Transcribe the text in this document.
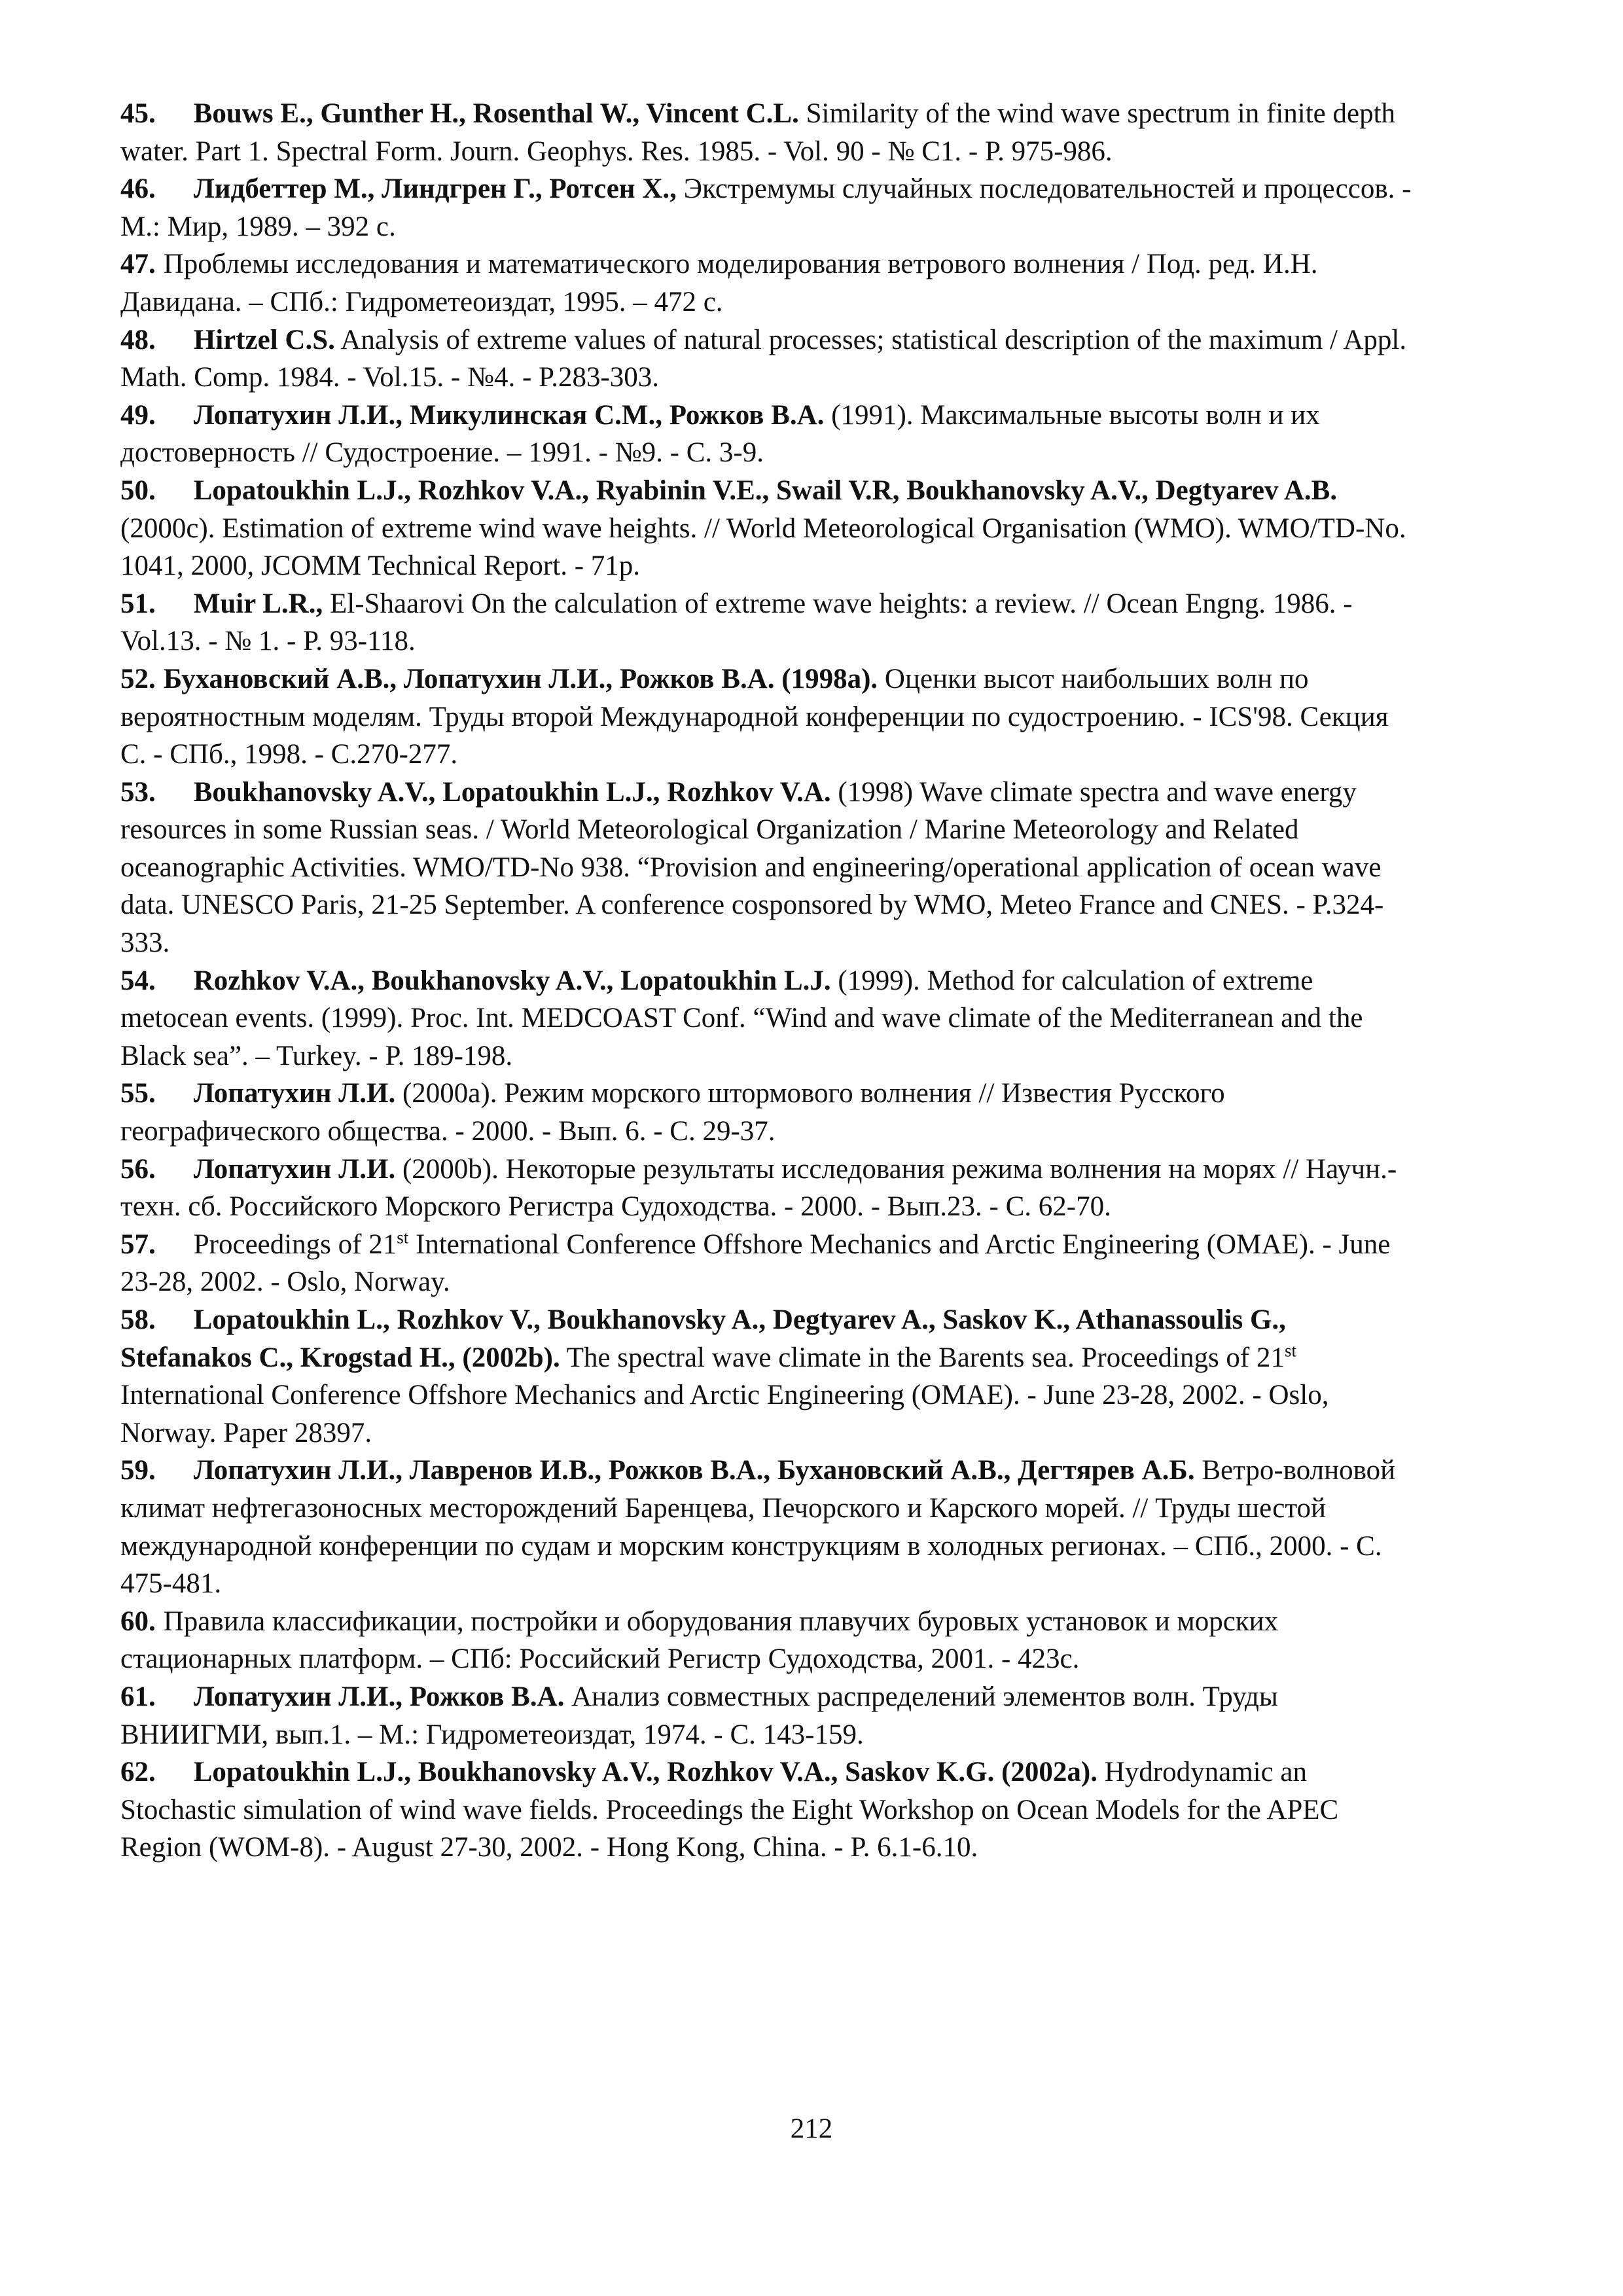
45. Bouws E., Gunther H., Rosenthal W., Vincent C.L. Similarity of the wind wave spectrum in finite depth water. Part 1. Spectral Form. Journ. Geophys. Res. 1985. - Vol. 90 - № C1. - P. 975-986.

46. Лидбеттер М., Линдгрен Г., Ротсен Х., Экстремумы случайных последовательностей и процессов. - М.: Мир, 1989. – 392 с.

47. Проблемы исследования и математического моделирования ветрового волнения / Под. ред. И.Н. Давидана. – СПб.: Гидрометеоиздат, 1995. – 472 с.

48. Hirtzel C.S. Analysis of extreme values of natural processes; statistical description of the maximum / Appl. Math. Comp. 1984. - Vol.15. - №4. - P.283-303.

49. Лопатухин Л.И., Микулинская С.М., Рожков В.А. (1991). Максимальные высоты волн и их достоверность // Судостроение. – 1991. - №9. - С. 3-9.

50. Lopatoukhin L.J., Rozhkov V.A., Ryabinin V.E., Swail V.R, Boukhanovsky A.V., Degtyarev A.B. (2000c). Estimation of extreme wind wave heights. // World Meteorological Organisation (WMO). WMO/TD-No. 1041, 2000, JCOMM Technical Report. - 71p.

51. Muir L.R., El-Shaarovi On the calculation of extreme wave heights: a review. // Ocean Engng. 1986. - Vol.13. - № 1. - P. 93-118.

52. Бухановский А.В., Лопатухин Л.И., Рожков В.А. (1998a). Оценки высот наибольших волн по вероятностным моделям. Труды второй Международной конференции по судостроению. - ICS'98. Секция С. - СПб., 1998. - С.270-277.

53. Boukhanovsky A.V., Lopatoukhin L.J., Rozhkov V.A. (1998) Wave climate spectra and wave energy resources in some Russian seas. / World Meteorological Organization / Marine Meteorology and Related oceanographic Activities. WMO/TD-No 938. “Provision and engineering/operational application of ocean wave data. UNESCO Paris, 21-25 September. A conference cosponsored by WMO, Meteo France and CNES. - P.324-333.

54. Rozhkov V.A., Boukhanovsky A.V., Lopatoukhin L.J. (1999). Method for calculation of extreme metocean events. (1999). Proc. Int. MEDCOAST Conf. “Wind and wave climate of the Mediterranean and the Black sea”. – Turkey. - P. 189-198.

55. Лопатухин Л.И. (2000a). Режим морского штормового волнения // Известия Русского географического общества. - 2000. - Вып. 6. - С. 29-37.

56. Лопатухин Л.И. (2000b). Некоторые результаты исследования режима волнения на морях // Научн.-техн. сб. Российского Морского Регистра Судоходства. - 2000. - Вып.23. - С. 62-70.

57. Proceedings of 21st International Conference Offshore Mechanics and Arctic Engineering (OMAE). - June 23-28, 2002. - Oslo, Norway.

58. Lopatoukhin L., Rozhkov V., Boukhanovsky A., Degtyarev A., Saskov K., Athanassoulis G., Stefanakos C., Krogstad H., (2002b). The spectral wave climate in the Barents sea. Proceedings of 21st International Conference Offshore Mechanics and Arctic Engineering (OMAE). - June 23-28, 2002. - Oslo, Norway. Paper 28397.

59. Лопатухин Л.И., Лавренов И.В., Рожков В.А., Бухановский А.В., Дегтярев А.Б. Ветро-волновой климат нефтегазоносных месторождений Баренцева, Печорского и Карского морей. // Труды шестой международной конференции по судам и морским конструкциям в холодных регионах. – СПб., 2000. - С. 475-481.

60. Правила классификации, постройки и оборудования плавучих буровых установок и морских стационарных платформ. – СПб: Российский Регистр Судоходства, 2001. - 423с.

61. Лопатухин Л.И., Рожков В.А. Анализ совместных распределений элементов волн. Труды ВНИИГМИ, вып.1. – М.: Гидрометеоиздат, 1974. - С. 143-159.

62. Lopatoukhin L.J., Boukhanovsky A.V., Rozhkov V.A., Saskov K.G. (2002a). Hydrodynamic an Stochastic simulation of wind wave fields. Proceedings the Eight Workshop on Ocean Models for the APEC Region (WOM-8). - August 27-30, 2002. - Hong Kong, China. - P. 6.1-6.10.

212
